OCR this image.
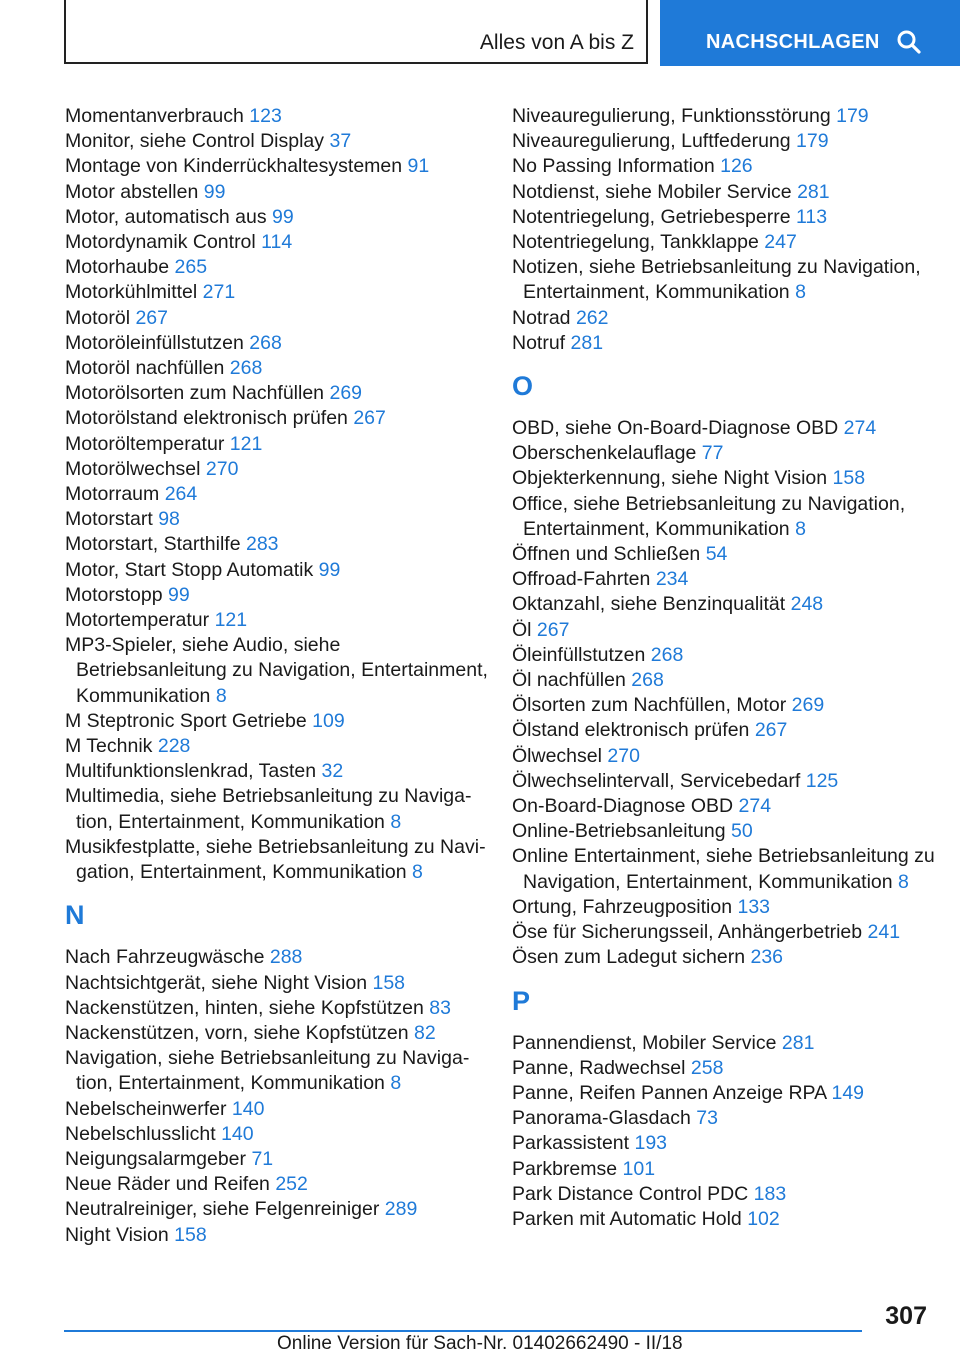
Alles von A bis Z	NACHSCHLAGEN
Momentanverbrauch 123
Monitor, siehe Control Display 37
Montage von Kinderrückhaltesystemen 91
Motor abstellen 99
Motor, automatisch aus 99
Motordynamik Control 114
Motorhaube 265
Motorkühlmittel 271
Motoröl 267
Motoröleinfüllstutzen 268
Motoröl nachfüllen 268
Motorölsorten zum Nachfüllen 269
Motorölstand elektronisch prüfen 267
Motoröltemperatur 121
Motorölwechsel 270
Motorraum 264
Motorstart 98
Motorstart, Starthilfe 283
Motor, Start Stopp Automatik 99
Motorstopp 99
Motortemperatur 121
MP3-Spieler, siehe Audio, siehe Betriebsanleitung zu Navigation, Entertainment, Kommunikation 8
M Steptronic Sport Getriebe 109
M Technik 228
Multifunktionslenkrad, Tasten 32
Multimedia, siehe Betriebsanleitung zu Navigation, Entertainment, Kommunikation 8
Musikfestplatte, siehe Betriebsanleitung zu Navigation, Entertainment, Kommunikation 8
N
Nach Fahrzeugwäsche 288
Nachtsichtgerät, siehe Night Vision 158
Nackenstützen, hinten, siehe Kopfstützen 83
Nackenstützen, vorn, siehe Kopfstützen 82
Navigation, siehe Betriebsanleitung zu Navigation, Entertainment, Kommunikation 8
Nebelscheinwerfer 140
Nebelschlusslicht 140
Neigungsalarmgeber 71
Neue Räder und Reifen 252
Neutralreiniger, siehe Felgenreiniger 289
Night Vision 158
Niveauregulierung, Funktionsstörung 179
Niveauregulierung, Luftfederung 179
No Passing Information 126
Notdienst, siehe Mobiler Service 281
Notentriegelung, Getriebesperre 113
Notentriegelung, Tankklappe 247
Notizen, siehe Betriebsanleitung zu Navigation, Entertainment, Kommunikation 8
Notrad 262
Notruf 281
O
OBD, siehe On-Board-Diagnose OBD 274
Oberschenkelauflage 77
Objekterkennung, siehe Night Vision 158
Office, siehe Betriebsanleitung zu Navigation, Entertainment, Kommunikation 8
Öffnen und Schließen 54
Offroad-Fahrten 234
Oktanzahl, siehe Benzinqualität 248
Öl 267
Öleinfüllstutzen 268
Öl nachfüllen 268
Ölsorten zum Nachfüllen, Motor 269
Ölstand elektronisch prüfen 267
Ölwechsel 270
Ölwechselintervall, Servicebedarf 125
On-Board-Diagnose OBD 274
Online-Betriebsanleitung 50
Online Entertainment, siehe Betriebsanleitung zu Navigation, Entertainment, Kommunikation 8
Ortung, Fahrzeugposition 133
Öse für Sicherungsseil, Anhängerbetrieb 241
Ösen zum Ladegut sichern 236
P
Pannendienst, Mobiler Service 281
Panne, Radwechsel 258
Panne, Reifen Pannen Anzeige RPA 149
Panorama-Glasdach 73
Parkassistent 193
Parkbremse 101
Park Distance Control PDC 183
Parken mit Automatic Hold 102
307
Online Version für Sach-Nr. 01402662490 - II/18
